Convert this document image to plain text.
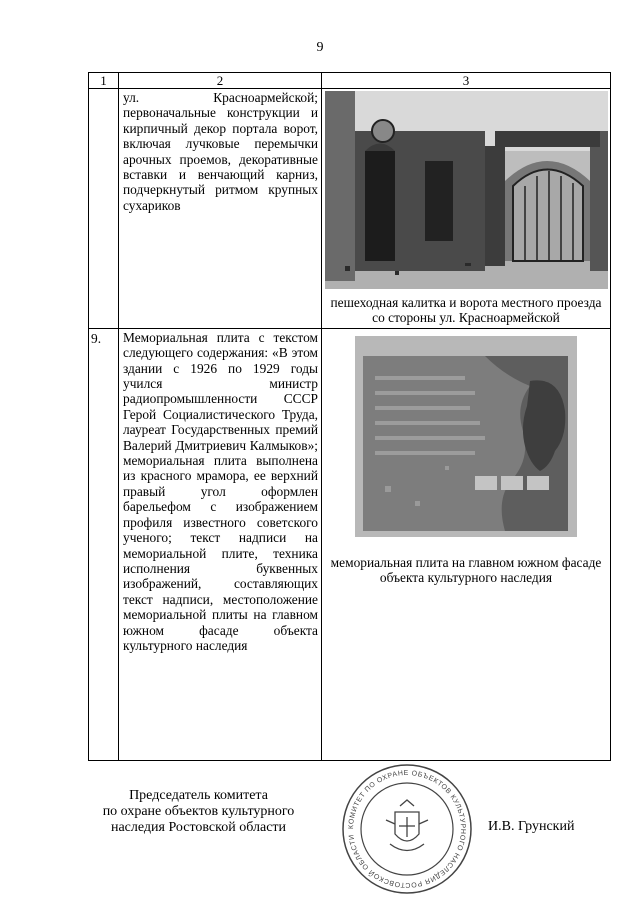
9
1	2	3
	ул. Красноармейской; первоначальные конструкции и кирпичный декор портала ворот, включая лучковые перемычки арочных проемов, декоративные вставки и венчающий карниз, подчеркнутый ритмом крупных сухариков	пешеходная калитка и ворота местного проезда со стороны ул. Красноармейской

9.	Мемориальная плита с текстом следующего содержания: «В этом здании с 1926 по 1929 годы учился министр радиопромышленности СССР Герой Социалистического Труда, лауреат Государственных премий Валерий Дмитриевич Калмыков»; мемориальная плита выполнена из красного мрамора, ее верхний правый угол оформлен барельефом с изображением профиля известного советского ученого; текст надписи на мемориальной плите, техника исполнения буквенных изображений, составляющих текст надписи, местоположение мемориальной плиты на главном южном фасаде объекта культурного наследия	мемориальная плита на главном южном фасаде объекта культурного наследия
Председатель комитета
по охране объектов культурного
наследия Ростовской области	КОМИТЕТ ПО ОХРАНЕ ОБЪЕКТОВ КУЛЬТУРНОГО НАСЛЕДИЯ РОСТОВСКОЙ ОБЛАСТИ
И.В. Грунский
